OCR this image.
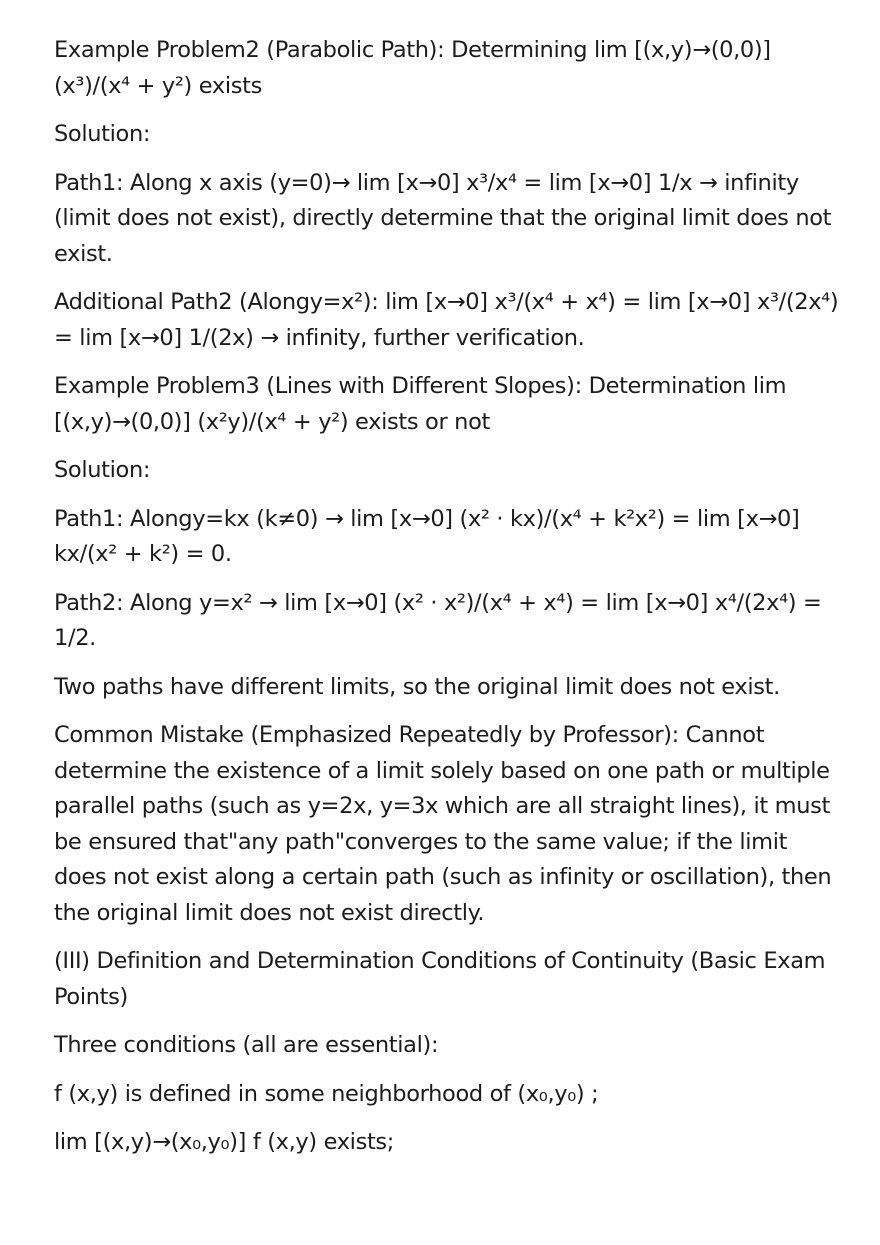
Example Problem2 (Parabolic Path): Determining lim [(x,y)→(0,0)] (x³)/(x⁴ + y²) exists

Solution:

Path1: Along x axis (y=0)→ lim [x→0] x³/x⁴ = lim [x→0] 1/x → infinity (limit does not exist), directly determine that the original limit does not exist.

Additional Path2 (Alongy=x²): lim [x→0] x³/(x⁴ + x⁴) = lim [x→0] x³/(2x⁴) = lim [x→0] 1/(2x) → infinity, further verification.

Example Problem3 (Lines with Different Slopes): Determination lim [(x,y)→(0,0)] (x²y)/(x⁴ + y²) exists or not

Solution:

Path1: Alongy=kx (k≠0) → lim [x→0] (x² · kx)/(x⁴ + k²x²) = lim [x→0] kx/(x² + k²) = 0.

Path2: Along y=x² → lim [x→0] (x² · x²)/(x⁴ + x⁴) = lim [x→0] x⁴/(2x⁴) = 1/2.

Two paths have different limits, so the original limit does not exist.

Common Mistake (Emphasized Repeatedly by Professor): Cannot determine the existence of a limit solely based on one path or multiple parallel paths (such as y=2x, y=3x which are all straight lines), it must be ensured that"any path"converges to the same value; if the limit does not exist along a certain path (such as infinity or oscillation), then the original limit does not exist directly.

(III) Definition and Determination Conditions of Continuity (Basic Exam Points)

Three conditions (all are essential):

f (x,y) is defined in some neighborhood of (x₀,y₀) ;

lim [(x,y)→(x₀,y₀)] f (x,y) exists;
